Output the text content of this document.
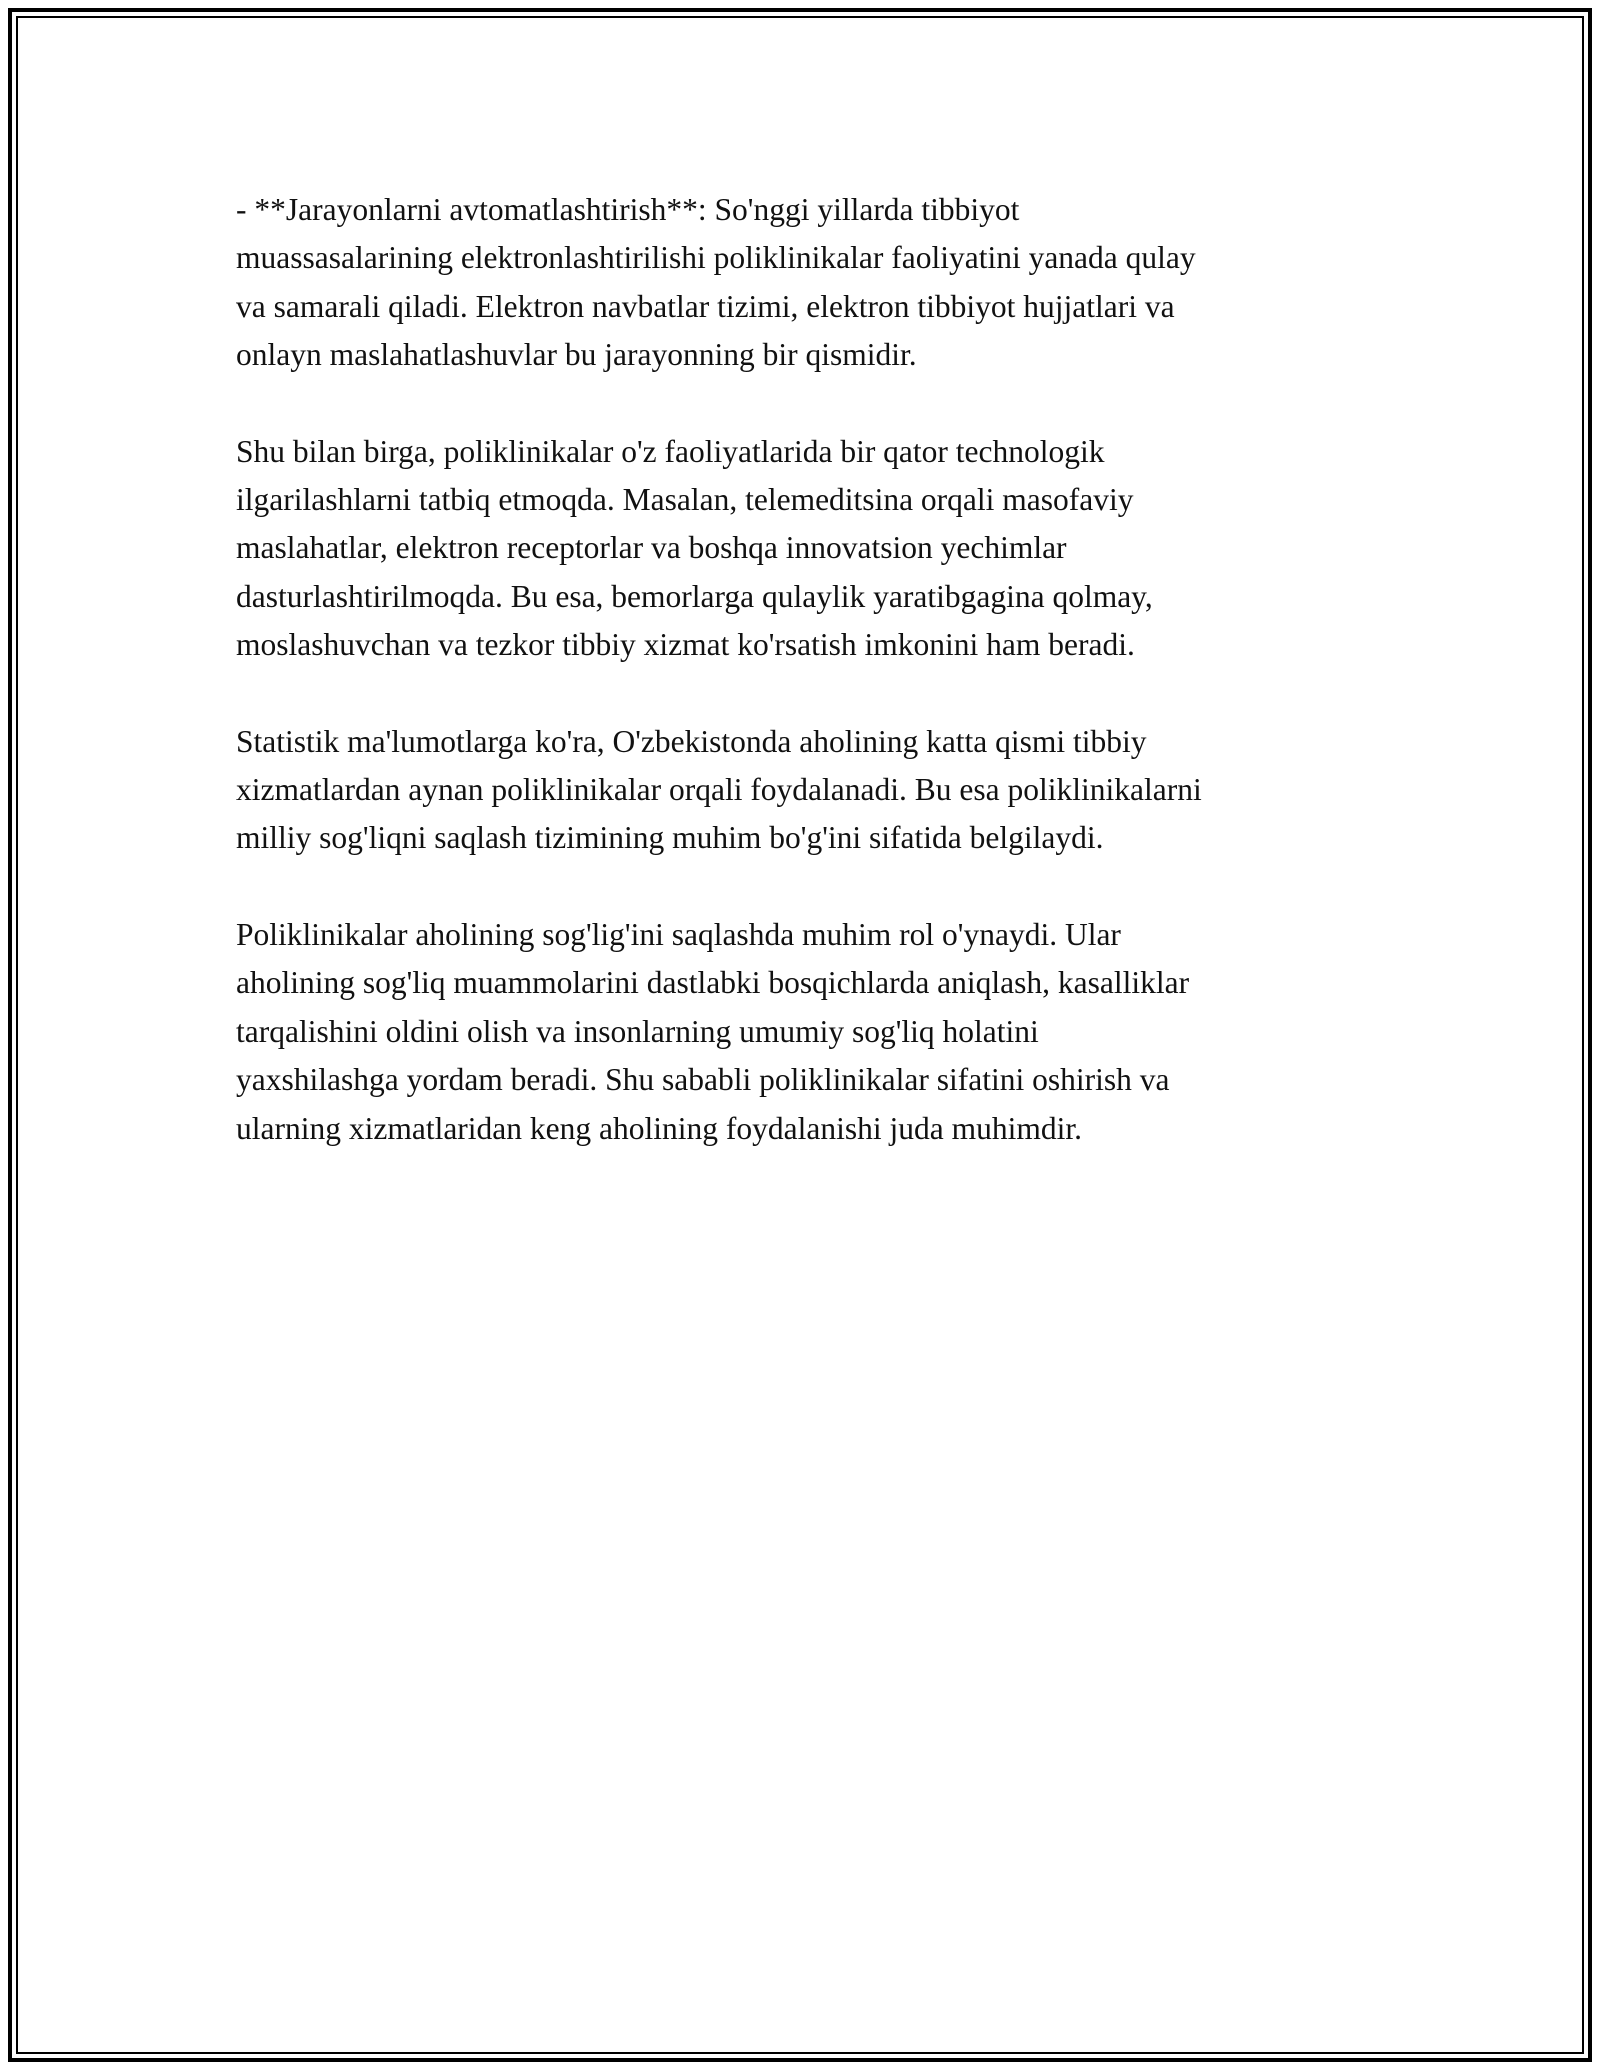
- **Jarayonlarni avtomatlashtirish**: So'nggi yillarda tibbiyot
muassasalarining elektronlashtirilishi poliklinikalar faoliyatini yanada qulay
va samarali qiladi. Elektron navbatlar tizimi, elektron tibbiyot hujjatlari va
onlayn maslahatlashuvlar bu jarayonning bir qismidir.

Shu bilan birga, poliklinikalar o'z faoliyatlarida bir qator technologik
ilgarilashlarni tatbiq etmoqda. Masalan, telemeditsina orqali masofaviy
maslahatlar, elektron receptorlar va boshqa innovatsion yechimlar
dasturlashtirilmoqda. Bu esa, bemorlarga qulaylik yaratibgagina qolmay,
moslashuvchan va tezkor tibbiy xizmat ko'rsatish imkonini ham beradi.

Statistik ma'lumotlarga ko'ra, O'zbekistonda aholining katta qismi tibbiy
xizmatlardan aynan poliklinikalar orqali foydalanadi. Bu esa poliklinikalarni
milliy sog'liqni saqlash tizimining muhim bo'g'ini sifatida belgilaydi.

Poliklinikalar aholining sog'lig'ini saqlashda muhim rol o'ynaydi. Ular
aholining sog'liq muammolarini dastlabki bosqichlarda aniqlash, kasalliklar
tarqalishini oldini olish va insonlarning umumiy sog'liq holatini
yaxshilashga yordam beradi. Shu sababli poliklinikalar sifatini oshirish va
ularning xizmatlaridan keng aholining foydalanishi juda muhimdir.
